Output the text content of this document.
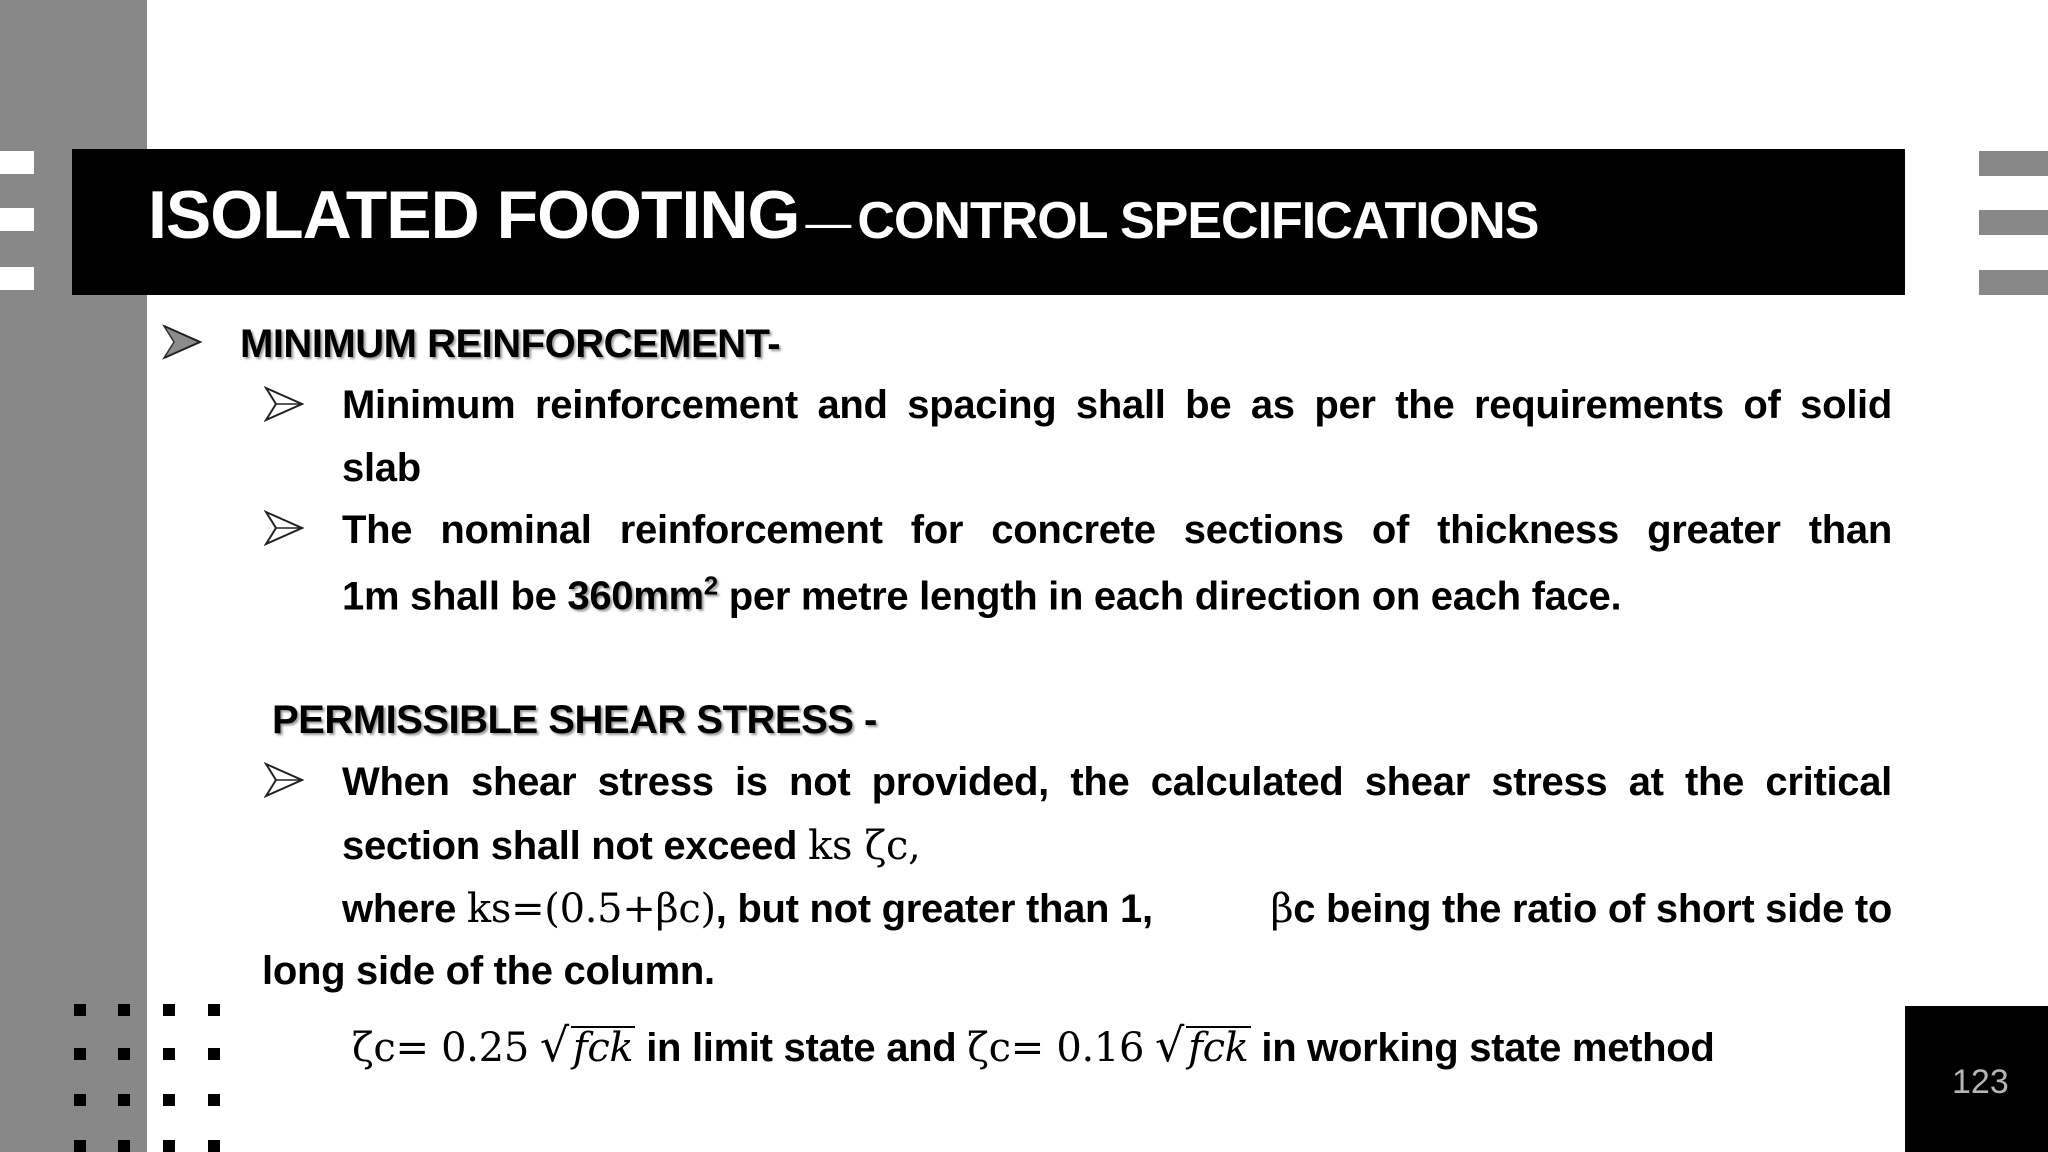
ISOLATED FOOTING — CONTROL SPECIFICATIONS
123
MINIMUM REINFORCEMENT-
Minimum reinforcement and spacing shall be as per the requirements of solid
slab
The nominal reinforcement for concrete sections of thickness greater than
1m shall be $360mm^2$ per metre length in each direction on each face.
PERMISSIBLE SHEAR STRESS -
When shear stress is not provided, the calculated shear stress at the critical
section shall not exceed ks ζc,
where ks=(0.5+βc), but not greater than 1,	βc being the ratio of short side to
long side of the column.
ζc= 0.25 √ fck in limit state and ζc= 0.16 √ fck in working state method
